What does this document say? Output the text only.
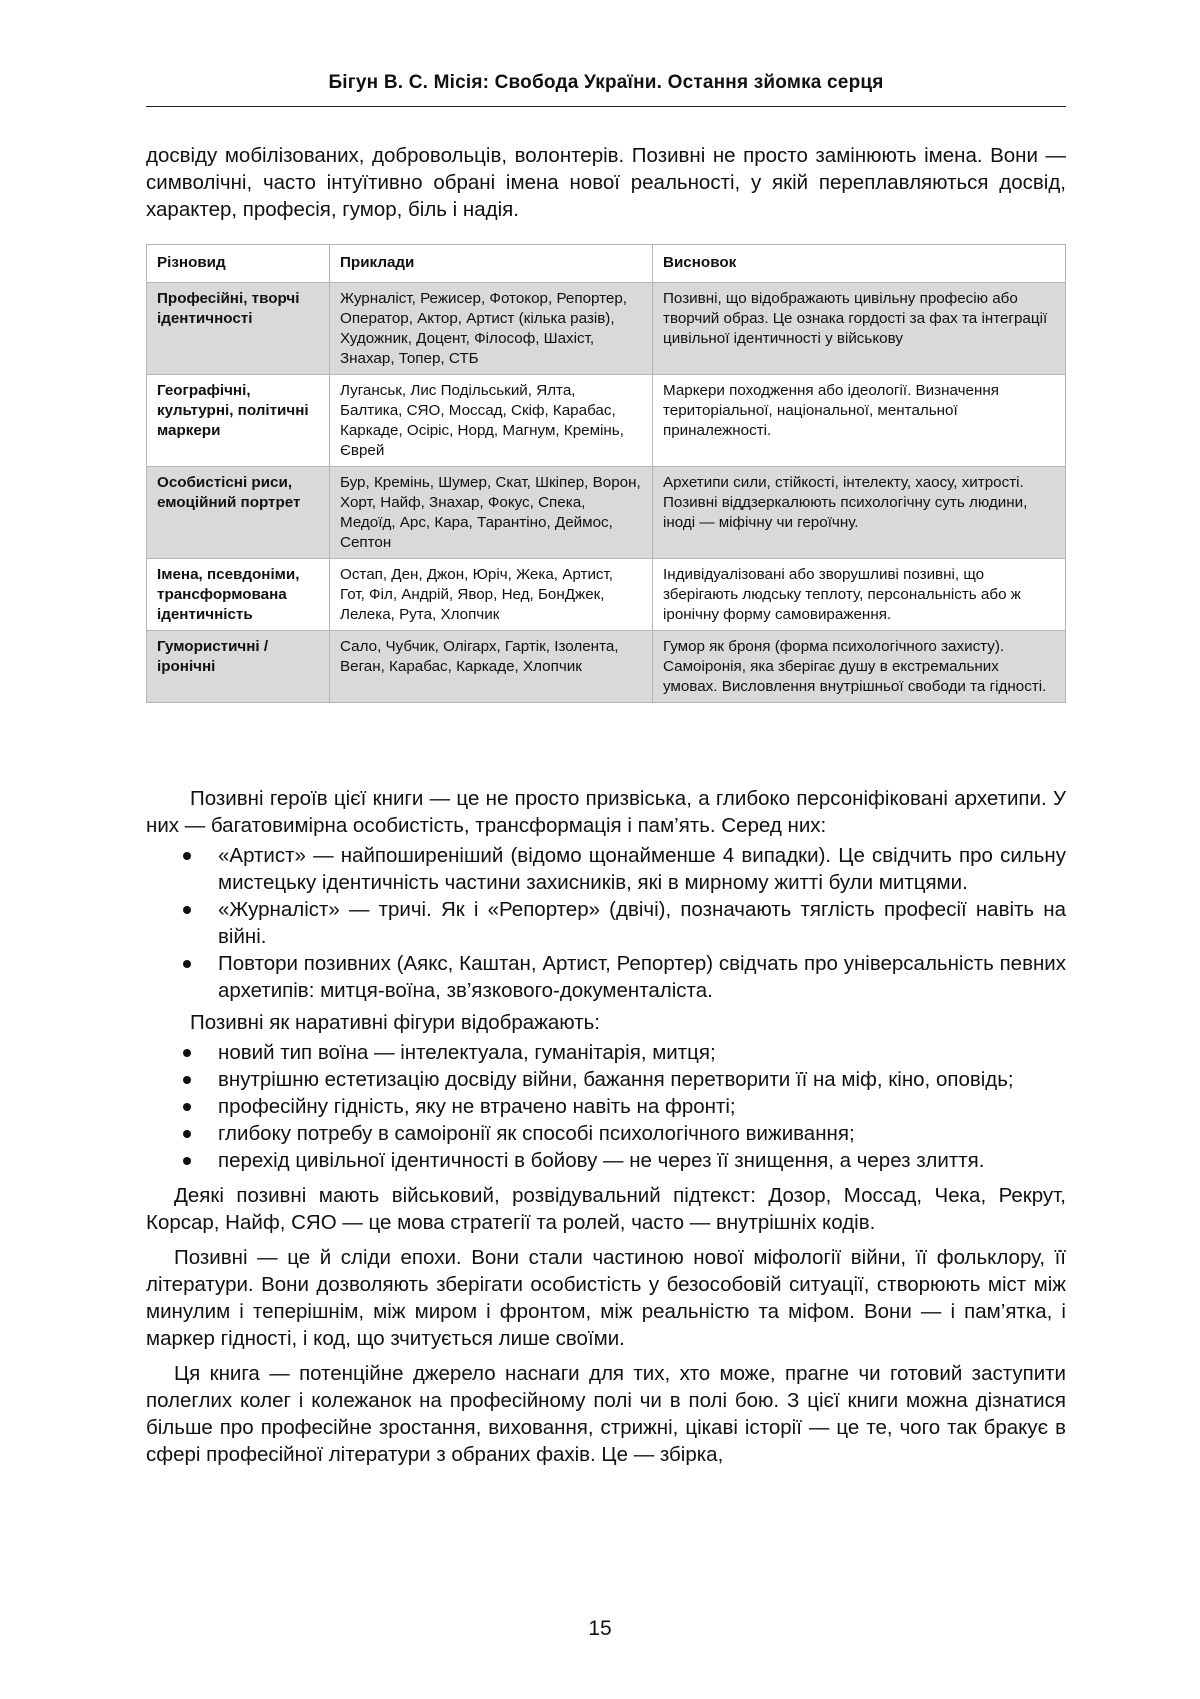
Бігун В. С. Місія: Свобода України. Остання зйомка серця

досвіду мобілізованих, добровольців, волонтерів. Позивні не просто замінюють імена. Вони — символічні, часто інтуїтивно обрані імена нової реальності, у якій переплавляються досвід, характер, професія, гумор, біль і надія.

Різновид	Приклади	Висновок
Професійні, творчі ідентичності	Журналіст, Режисер, Фотокор, Репортер, Оператор, Актор, Артист (кілька разів), Художник, Доцент, Філософ, Шахіст, Знахар, Топер, СТБ	Позивні, що відображають цивільну професію або творчий образ. Це ознака гордості за фах та інтеграції цивільної ідентичності у військову
Географічні, культурні, політичні маркери	Луганськ, Лис Подільський, Ялта, Балтика, СЯО, Моссад, Скіф, Карабас, Каркаде, Осіріс, Норд, Магнум, Кремінь, Єврей	Маркери походження або ідеології. Визначення територіальної, національної, ментальної приналежності.
Особистісні риси, емоційний портрет	Бур, Кремінь, Шумер, Скат, Шкіпер, Ворон, Хорт, Найф, Знахар, Фокус, Спека, Медоїд, Арс, Кара, Тарантіно, Деймос, Септон	Архетипи сили, стійкості, інтелекту, хаосу, хитрості. Позивні віддзеркалюють психологічну суть людини, іноді — міфічну чи героїчну.
Імена, псевдоніми, трансформована ідентичність	Остап, Ден, Джон, Юріч, Жека, Артист, Гот, Філ, Андрій, Явор, Нед, БонДжек, Лелека, Рута, Хлопчик	Індивідуалізовані або зворушливі позивні, що зберігають людську теплоту, персональність або ж іронічну форму самовираження.
Гумористичні / іронічні	Сало, Чубчик, Олігарх, Гартік, Ізолента, Веган, Карабас, Каркаде, Хлопчик	Гумор як броня (форма психологічного захисту). Самоіронія, яка зберігає душу в екстремальних умовах. Висловлення внутрішньої свободи та гідності.

Позивні героїв цієї книги — це не просто призвіська, а глибоко персоніфіковані архетипи. У них — багатовимірна особистість, трансформація і пам’ять. Серед них:

«Артист» — найпоширеніший (відомо щонайменше 4 випадки). Це свідчить про сильну мистецьку ідентичність частини захисників, які в мирному житті були митцями.
«Журналіст» — тричі. Як і «Репортер» (двічі), позначають тяглість професії навіть на війні.
Повтори позивних (Аякс, Каштан, Артист, Репортер) свідчать про універсальність певних архетипів: митця-воїна, зв’язкового-документаліста.

Позивні як наративні фігури відображають:

новий тип воїна — інтелектуала, гуманітарія, митця;
внутрішню естетизацію досвіду війни, бажання перетворити її на міф, кіно, оповідь;
професійну гідність, яку не втрачено навіть на фронті;
глибоку потребу в самоіронії як способі психологічного виживання;
перехід цивільної ідентичності в бойову — не через її знищення, а через злиття.

Деякі позивні мають військовий, розвідувальний підтекст: Дозор, Моссад, Чека, Рекрут, Корсар, Найф, СЯО — це мова стратегії та ролей, часто — внутрішніх кодів.

Позивні — це й сліди епохи. Вони стали частиною нової міфології війни, її фольклору, її літератури. Вони дозволяють зберігати особистість у безособовій ситуації, створюють міст між минулим і теперішнім, між миром і фронтом, між реальністю та міфом. Вони — і пам’ятка, і маркер гідності, і код, що зчитується лише своїми.

Ця книга — потенційне джерело наснаги для тих, хто може, прагне чи готовий заступити полеглих колег і колежанок на професійному полі чи в полі бою. З цієї книги можна дізнатися більше про професійне зростання, виховання, стрижні, цікаві історії — це те, чого так бракує в сфері професійної літератури з обраних фахів. Це — збірка,

15
